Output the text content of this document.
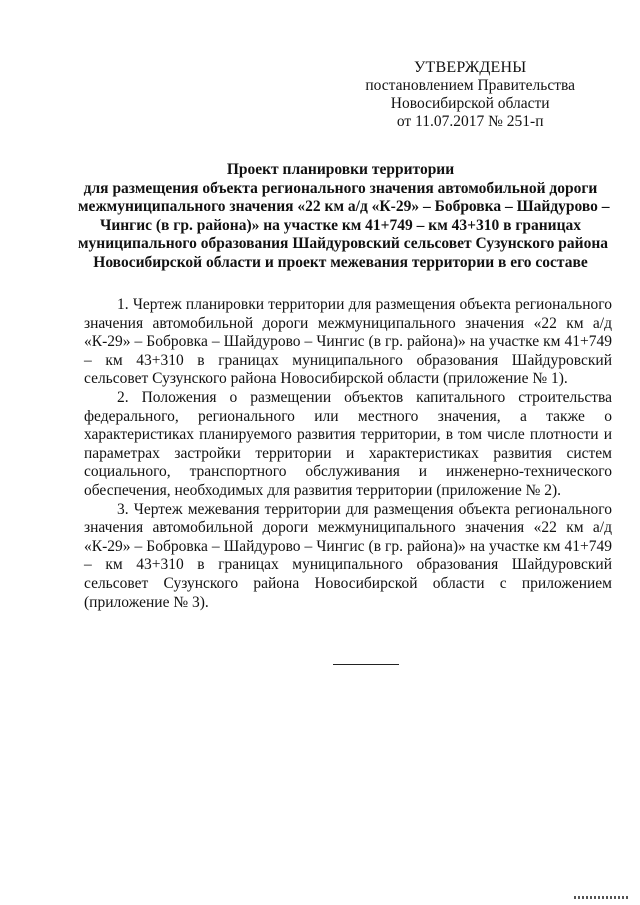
УТВЕРЖДЕНЫ
постановлением Правительства
Новосибирской области
от 11.07.2017 № 251-п
Проект планировки территории
для размещения объекта регионального значения автомобильной дороги
межмуниципального значения «22 км а/д «К-29» – Бобровка – Шайдурово –
Чингис (в гр. района)» на участке км 41+749 – км 43+310 в границах
муниципального образования Шайдуровский сельсовет Сузунского района
Новосибирской области и проект межевания территории в его составе

1. Чертеж планировки территории для размещения объекта регионального значения автомобильной дороги межмуниципального значения «22 км а/д «К-29» – Бобровка – Шайдурово – Чингис (в гр. района)» на участке км 41+749 – км 43+310 в границах муниципального образования Шайдуровский сельсовет Сузунского района Новосибирской области (приложение № 1).

2. Положения о размещении объектов капитального строительства федерального, регионального или местного значения, а также о характеристиках планируемого развития территории, в том числе плотности и параметрах застройки территории и характеристиках развития систем социального, транспортного обслуживания и инженерно-технического обеспечения, необходимых для развития территории (приложение № 2).

3. Чертеж межевания территории для размещения объекта регионального значения автомобильной дороги межмуниципального значения «22 км а/д «К-29» – Бобровка – Шайдурово – Чингис (в гр. района)» на участке км 41+749 – км 43+310 в границах муниципального образования Шайдуровский сельсовет Сузунского района Новосибирской области с приложением (приложение № 3).
